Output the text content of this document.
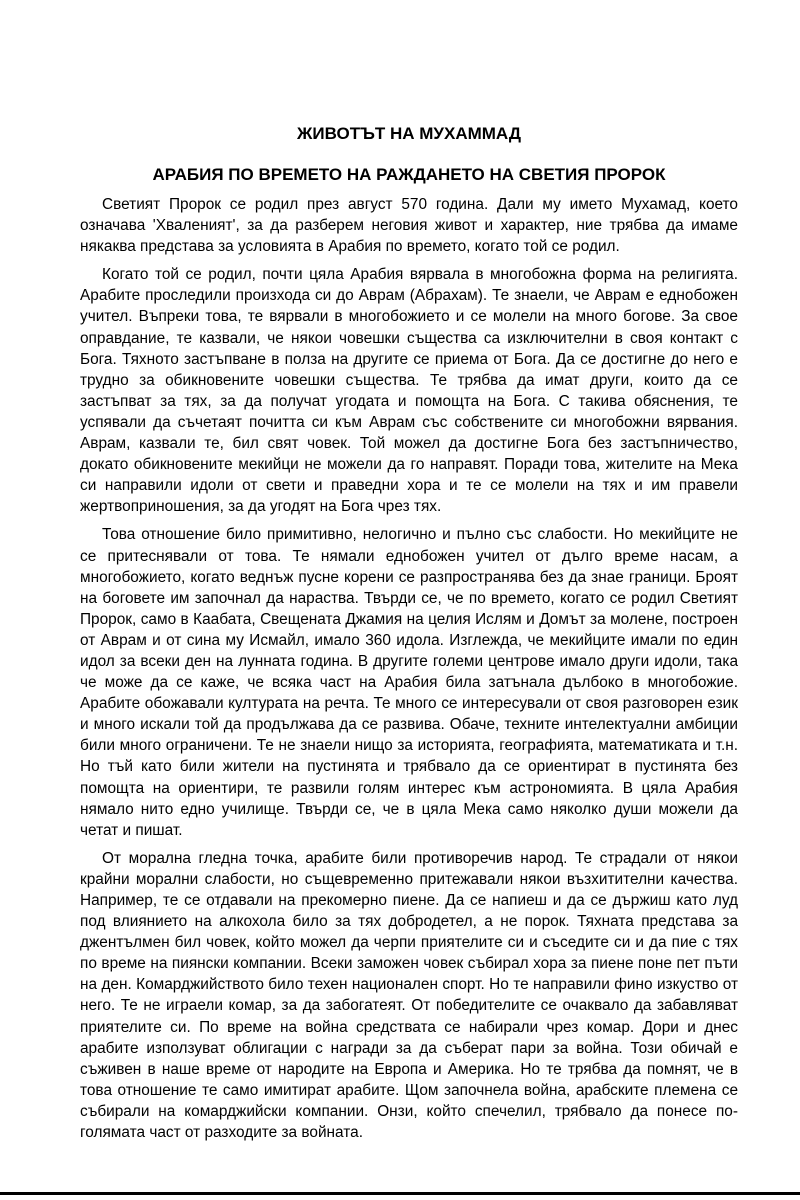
ЖИВОТЪТ НА МУХАММАД
АРАБИЯ ПО ВРЕМЕТО НА РАЖДАНЕТО НА СВЕТИЯ ПРОРОК

Светият Пророк се родил през август 570 година. Дали му името Мухамад, което означава 'Хваленият', за да разберем неговия живот и характер, ние трябва да имаме някаква представа за условията в Арабия по времето, когато той се родил.

Когато той се родил, почти цяла Арабия вярвала в многобожна форма на религията. Арабите проследили произхода си до Аврам (Абрахам). Те знаели, че Аврам е еднобожен учител. Въпреки това, те вярвали в многобожието и се молели на много богове. За свое оправдание, те казвали, че някои човешки същества са изключителни в своя контакт с Бога. Тяхното застъпване в полза на другите се приема от Бога. Да се достигне до него е трудно за обикновените човешки същества. Те трябва да имат други, които да се застъпват за тях, за да получат угодата и помощта на Бога. С такива обяснения, те успявали да съчетаят почитта си към Аврам със собствените си многобожни вярвания. Аврам, казвали те, бил свят човек. Той можел да достигне Бога без застъпничество, докато обикновените мекийци не можели да го направят. Поради това, жителите на Мека си направили идоли от свети и праведни хора и те се молели на тях и им правели жертвоприношения, за да угодят на Бога чрез тях.

Това отношение било примитивно, нелогично и пълно със слабости. Но мекийците не се притеснявали от това. Те нямали еднобожен учител от дълго време насам, а многобожието, когато веднъж пусне корени се разпространява без да знае граници. Броят на боговете им започнал да нараства. Твърди се, че по времето, когато се родил Светият Пророк, само в Каабата, Свещената Джамия на целия Ислям и Домът за молене, построен от Аврам и от сина му Исмайл, имало 360 идола. Изглежда, че мекийците имали по един идол за всеки ден на лунната година. В другите големи центрове имало други идоли, така че може да се каже, че всяка част на Арабия била затънала дълбоко в многобожие. Арабите обожавали културата на речта. Те много се интересували от своя разговорен език и много искали той да продължава да се развива. Обаче, техните интелектуални амбиции били много ограничени. Те не знаели нищо за историята, географията, математиката и т.н. Но тъй като били жители на пустинята и трябвало да се ориентират в пустинята без помощта на ориентири, те развили голям интерес към астрономията. В цяла Арабия нямало нито едно училище. Твърди се, че в цяла Мека само няколко души можели да четат и пишат.

От морална гледна точка, арабите били противоречив народ. Те страдали от някои крайни морални слабости, но същевременно притежавали някои възхитителни качества. Например, те се отдавали на прекомерно пиене. Да се напиеш и да се държиш като луд под влиянието на алкохола било за тях добродетел, а не порок. Тяхната представа за джентълмен бил човек, който можел да черпи приятелите си и съседите си и да пие с тях по време на пиянски компании. Всеки заможен човек събирал хора за пиене поне пет пъти на ден. Комарджийството било техен национален спорт. Но те направили фино изкуство от него. Те не играели комар, за да забогатеят. От победителите се очаквало да забавляват приятелите си. По време на война средствата се набирали чрез комар. Дори и днес арабите използуват облигации с награди за да съберат пари за война. Този обичай е съживен в наше време от народите на Европа и Америка. Но те трябва да помнят, че в това отношение те само имитират арабите. Щом започнела война, арабските племена се събирали на комарджийски компании. Онзи, който спечелил, трябвало да понесе поголямата част от разходите за войната.
